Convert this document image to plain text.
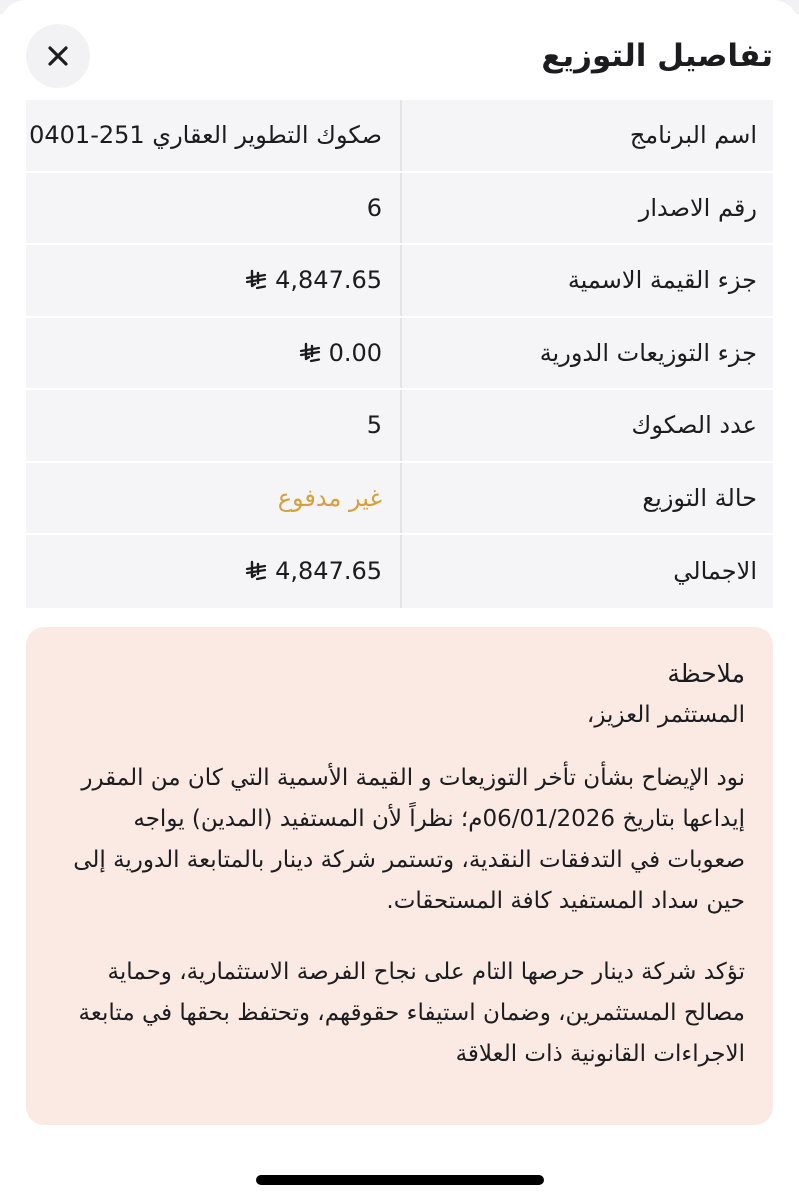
تفاصيل التوزيع
اسم البرنامج
صكوك التطوير العقاري 251-0401
رقم الاصدار
6
جزء القيمة الاسمية
4,847.65
جزء التوزيعات الدورية
0.00
عدد الصكوك
5
حالة التوزيع
غير مدفوع
الاجمالي
4,847.65
ملاحظة
المستثمر العزيز،
نود الإيضاح بشأن تأخر التوزيعات و القيمة الأسمية التي كان من المقرر إيداعها بتاريخ 06/01/2026م؛ نظراً لأن المستفيد (المدين) يواجه صعوبات في التدفقات النقدية، وتستمر شركة دينار بالمتابعة الدورية إلى حين سداد المستفيد كافة المستحقات.
تؤكد شركة دينار حرصها التام على نجاح الفرصة الاستثمارية، وحماية مصالح المستثمرين، وضمان استيفاء حقوقهم، وتحتفظ بحقها في متابعة الاجراءات القانونية ذات العلاقة
